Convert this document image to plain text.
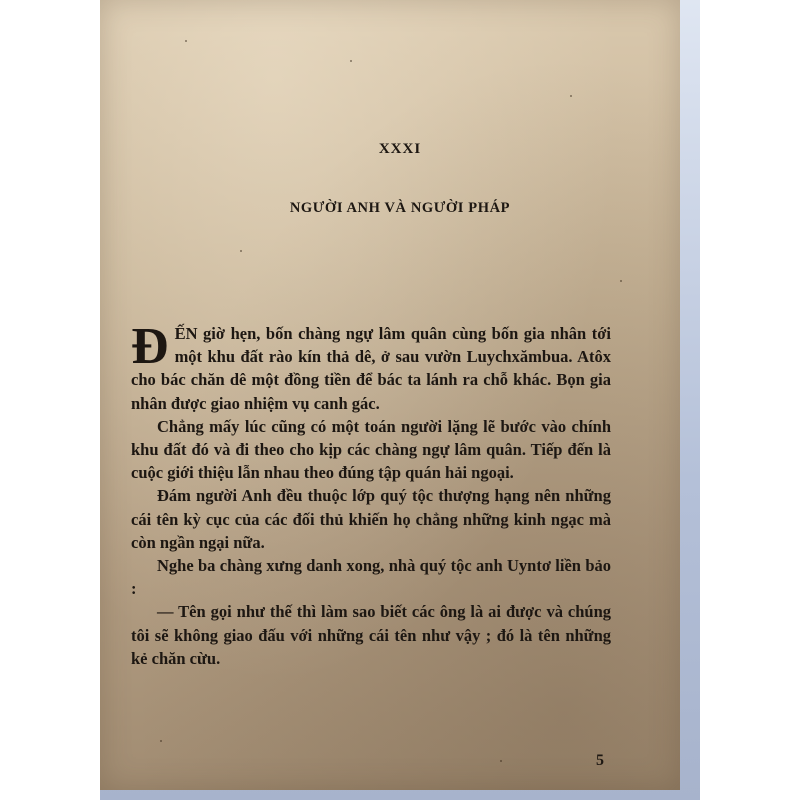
XXXI
NGƯỜI ANH VÀ NGƯỜI PHÁP

ĐẾN giờ hẹn, bốn chàng ngự lâm quân cùng bốn gia nhân tới một khu đất rào kín thả dê, ở sau vườn Luychxămbua. Atôx cho bác chăn dê một đồng tiền để bác ta lánh ra chỗ khác. Bọn gia nhân được giao nhiệm vụ canh gác.

Chẳng mấy lúc cũng có một toán người lặng lẽ bước vào chính khu đất đó và đi theo cho kịp các chàng ngự lâm quân. Tiếp đến là cuộc giới thiệu lẫn nhau theo đúng tập quán hải ngoại.

Đám người Anh đều thuộc lớp quý tộc thượng hạng nên những cái tên kỳ cục của các đối thủ khiến họ chẳng những kinh ngạc mà còn ngần ngại nữa.

Nghe ba chàng xưng danh xong, nhà quý tộc anh Uyntơ liền bảo :

— Tên gọi như thế thì làm sao biết các ông là ai được và chúng tôi sẽ không giao đấu với những cái tên như vậy ; đó là tên những kẻ chăn cừu.

5
